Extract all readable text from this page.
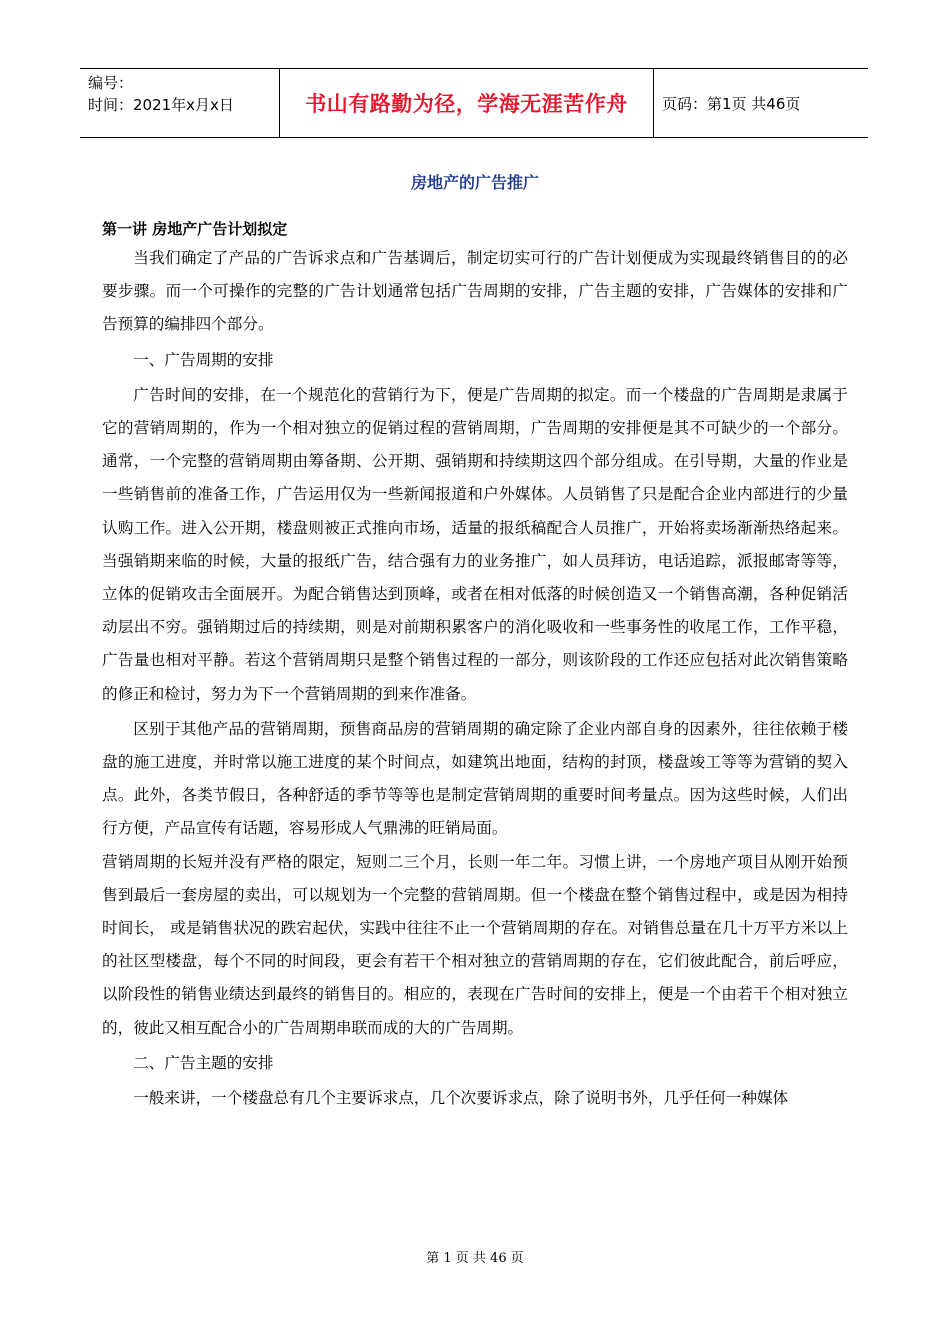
编号：
时间：2021年x月x日	书山有路勤为径，学海无涯苦作舟	页码：第1页 共46页
房地产的广告推广

第一讲 房地产广告计划拟定

当我们确定了产品的广告诉求点和广告基调后，制定切实可行的广告计划便成为实现最终销售目的的必要步骤。而一个可操作的完整的广告计划通常包括广告周期的安排，广告主题的安排，广告媒体的安排和广告预算的编排四个部分。

一、广告周期的安排

广告时间的安排，在一个规范化的营销行为下，便是广告周期的拟定。而一个楼盘的广告周期是隶属于它的营销周期的，作为一个相对独立的促销过程的营销周期，广告周期的安排便是其不可缺少的一个部分。 通常，一个完整的营销周期由筹备期、公开期、强销期和持续期这四个部分组成。在引导期，大量的作业是一些销售前的准备工作，广告运用仅为一些新闻报道和户外媒体。人员销售了只是配合企业内部进行的少量认购工作。进入公开期，楼盘则被正式推向市场，适量的报纸稿配合人员推广，开始将卖场渐渐热络起来。当强销期来临的时候，大量的报纸广告，结合强有力的业务推广，如人员拜访，电话追踪，派报邮寄等等，立体的促销攻击全面展开。为配合销售达到顶峰，或者在相对低落的时候创造又一个销售高潮，各种促销活动层出不穷。强销期过后的持续期，则是对前期积累客户的消化吸收和一些事务性的收尾工作，工作平稳，广告量也相对平静。若这个营销周期只是整个销售过程的一部分，则该阶段的工作还应包括对此次销售策略的修正和检讨，努力为下一个营销周期的到来作准备。

区别于其他产品的营销周期，预售商品房的营销周期的确定除了企业内部自身的因素外，往往依赖于楼盘的施工进度，并时常以施工进度的某个时间点，如建筑出地面，结构的封顶，楼盘竣工等等为营销的契入点。此外，各类节假日，各种舒适的季节等等也是制定营销周期的重要时间考量点。因为这些时候，人们出行方便，产品宣传有话题，容易形成人气鼎沸的旺销局面。

营销周期的长短并没有严格的限定，短则二三个月，长则一年二年。习惯上讲，一个房地产项目从刚开始预售到最后一套房屋的卖出，可以规划为一个完整的营销周期。但一个楼盘在整个销售过程中，或是因为相持时间长， 或是销售状况的跌宕起伏，实践中往往不止一个营销周期的存在。对销售总量在几十万平方米以上的社区型楼盘，每个不同的时间段，更会有若干个相对独立的营销周期的存在，它们彼此配合，前后呼应，以阶段性的销售业绩达到最终的销售目的。相应的，表现在广告时间的安排上，便是一个由若干个相对独立的，彼此又相互配合小的广告周期串联而成的大的广告周期。

二、广告主题的安排

一般来讲，一个楼盘总有几个主要诉求点，几个次要诉求点，除了说明书外，几乎任何一种媒体

第 1 页 共 46 页
